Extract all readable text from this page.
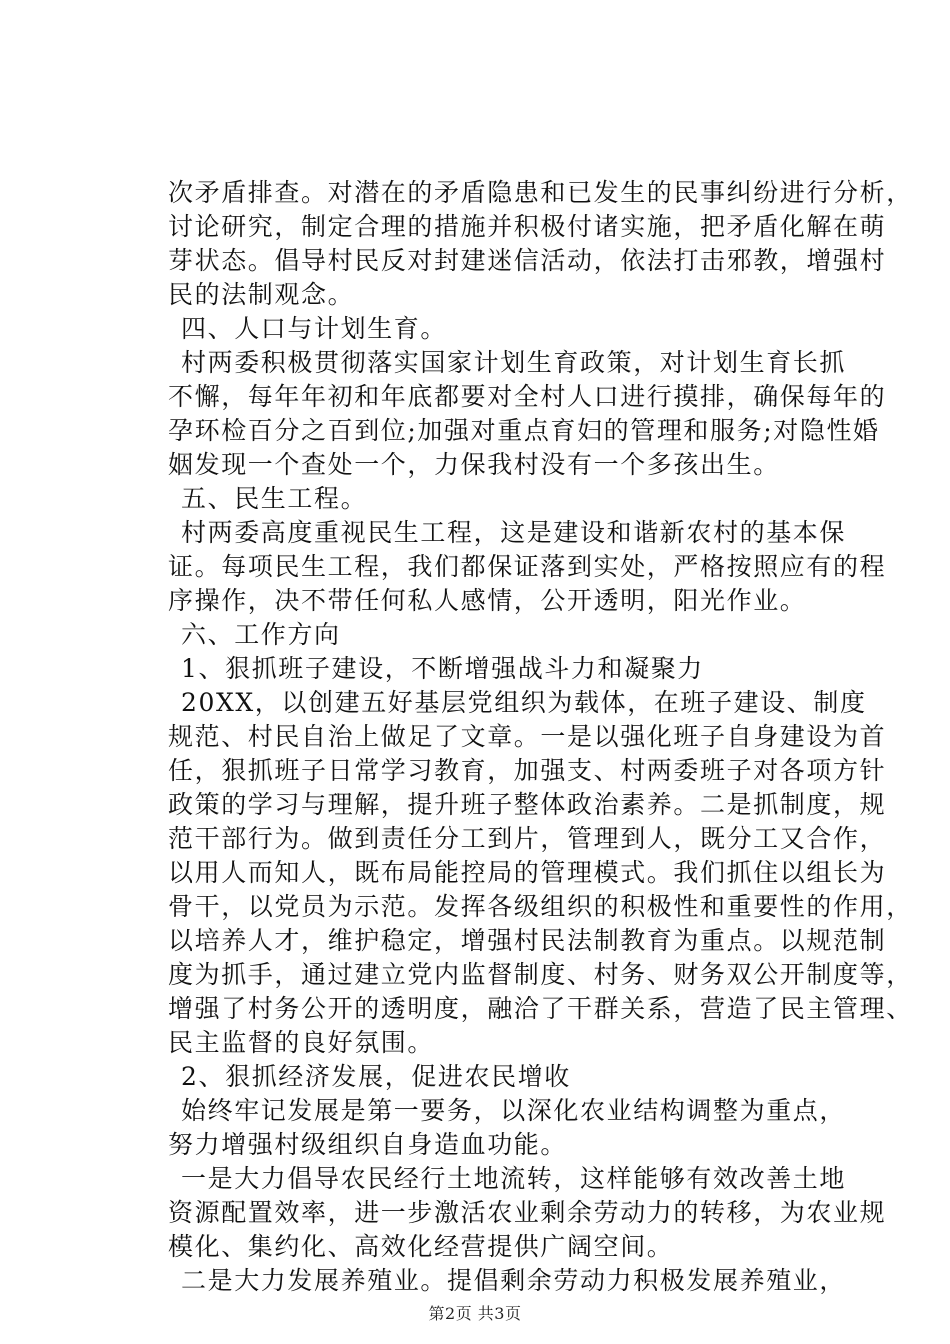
次矛盾排查。对潜在的矛盾隐患和已发生的民事纠纷进行分析，
讨论研究，制定合理的措施并积极付诸实施，把矛盾化解在萌
芽状态。倡导村民反对封建迷信活动，依法打击邪教，增强村
民的法制观念。
四、人口与计划生育。
村两委积极贯彻落实国家计划生育政策，对计划生育长抓
不懈，每年年初和年底都要对全村人口进行摸排，确保每年的
孕环检百分之百到位;加强对重点育妇的管理和服务;对隐性婚
姻发现一个查处一个，力保我村没有一个多孩出生。
五、民生工程。
村两委高度重视民生工程，这是建设和谐新农村的基本保
证。每项民生工程，我们都保证落到实处，严格按照应有的程
序操作，决不带任何私人感情，公开透明，阳光作业。
六、工作方向
1、狠抓班子建设，不断增强战斗力和凝聚力
20XX，以创建五好基层党组织为载体，在班子建设、制度
规范、村民自治上做足了文章。一是以强化班子自身建设为首
任，狠抓班子日常学习教育，加强支、村两委班子对各项方针
政策的学习与理解，提升班子整体政治素养。二是抓制度，规
范干部行为。做到责任分工到片，管理到人，既分工又合作，
以用人而知人，既布局能控局的管理模式。我们抓住以组长为
骨干，以党员为示范。发挥各级组织的积极性和重要性的作用，
以培养人才，维护稳定，增强村民法制教育为重点。以规范制
度为抓手，通过建立党内监督制度、村务、财务双公开制度等，
增强了村务公开的透明度，融洽了干群关系，营造了民主管理、
民主监督的良好氛围。
2、狠抓经济发展，促进农民增收
始终牢记发展是第一要务，以深化农业结构调整为重点，
努力增强村级组织自身造血功能。
一是大力倡导农民经行土地流转，这样能够有效改善土地
资源配置效率，进一步激活农业剩余劳动力的转移，为农业规
模化、集约化、高效化经营提供广阔空间。
二是大力发展养殖业。提倡剩余劳动力积极发展养殖业，
第2页 共3页
